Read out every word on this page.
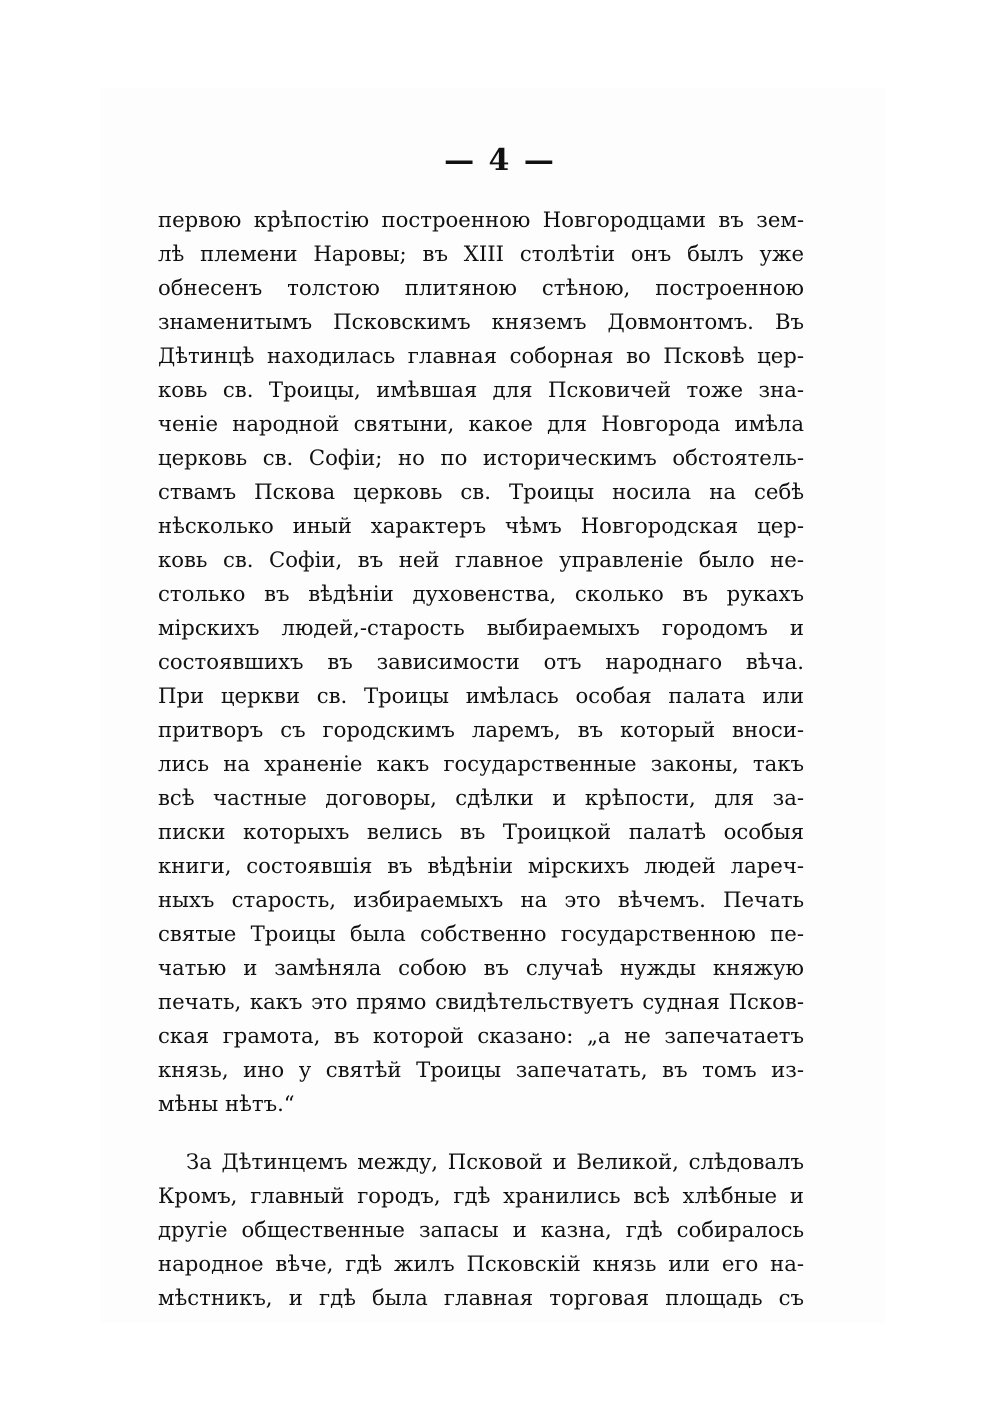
— 4 —
первою крѣпостію построенною Новгородцами въ зем-
лѣ племени Наровы; въ XIII столѣтіи онъ былъ уже
обнесенъ толстою плитяною стѣною, построенною
знаменитымъ Псковскимъ княземъ Довмонтомъ. Въ
Дѣтинцѣ находилась главная соборная во Псковѣ цер-
ковь св. Троицы, имѣвшая для Псковичей тоже зна-
ченіе народной святыни, какое для Новгорода имѣла
церковь св. Софіи; но по историческимъ обстоятель-
ствамъ Пскова церковь св. Троицы носила на себѣ
нѣсколько иный характеръ чѣмъ Новгородская цер-
ковь св. Софіи, въ ней главное управленіе было не-
столько въ вѣдѣніи духовенства, сколько въ рукахъ
мірскихъ людей,-старость выбираемыхъ городомъ и
состоявшихъ въ зависимости отъ народнаго вѣча.
При церкви св. Троицы имѣлась особая палата или
притворъ съ городскимъ ларемъ, въ который вноси-
лись на храненіе какъ государственные законы, такъ
всѣ частные договоры, сдѣлки и крѣпости, для за-
писки которыхъ велись въ Троицкой палатѣ особыя
книги, состоявшія въ вѣдѣніи мірскихъ людей лареч-
ныхъ старость, избираемыхъ на это вѣчемъ. Печать
святые Троицы была собственно государственною пе-
чатью и замѣняла собою въ случаѣ нужды княжую
печать, какъ это прямо свидѣтельствуетъ судная Псков-
ская грамота, въ которой сказано: „а не запечатаетъ
князь, ино у святѣй Троицы запечатать, въ томъ из-
мѣны нѣтъ.“
За Дѣтинцемъ между, Псковой и Великой, слѣдовалъ
Кромъ, главный городъ, гдѣ хранились всѣ хлѣбные и
другіе общественные запасы и казна, гдѣ собиралось
народное вѣче, гдѣ жилъ Псковскій князь или его на-
мѣстникъ, и гдѣ была главная торговая площадь съ
